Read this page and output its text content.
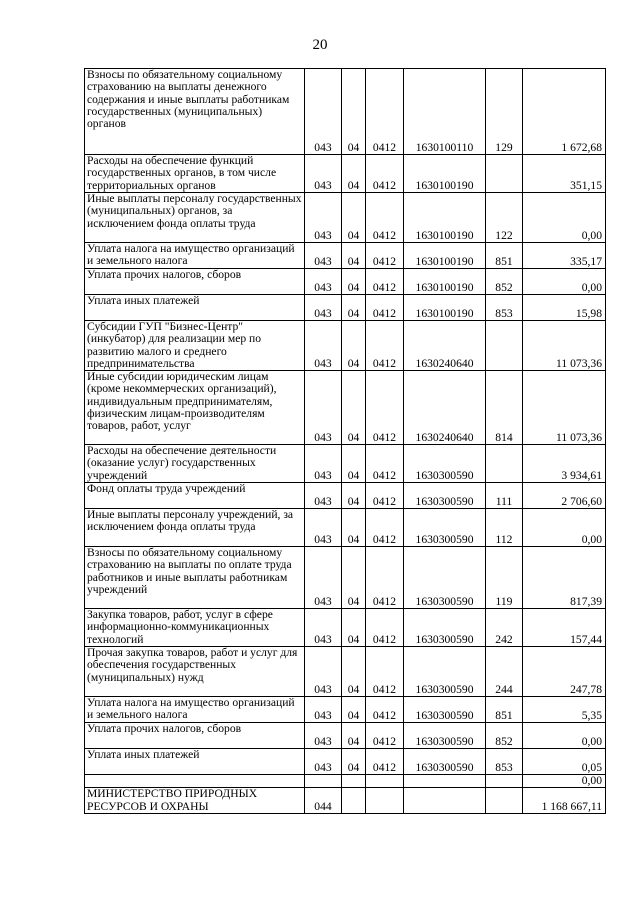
20
Взносы по обязательному социальному страхованию на выплаты денежного содержания и иные выплаты работникам государственных (муниципальных) органов	043	04	0412	1630100110	129	1 672,68
Расходы на обеспечение функций государственных органов, в том числе территориальных органов	043	04	0412	1630100190		351,15
Иные выплаты персоналу государственных (муниципальных) органов, за исключением фонда оплаты труда	043	04	0412	1630100190	122	0,00
Уплата налога на имущество организаций и земельного налога	043	04	0412	1630100190	851	335,17
Уплата прочих налогов, сборов	043	04	0412	1630100190	852	0,00
Уплата иных платежей	043	04	0412	1630100190	853	15,98
Субсидии ГУП "Бизнес-Центр" (инкубатор) для реализации мер по развитию малого и среднего предпринимательства	043	04	0412	1630240640		11 073,36
Иные субсидии юридическим лицам (кроме некоммерческих организаций), индивидуальным предпринимателям, физическим лицам-производителям товаров, работ, услуг	043	04	0412	1630240640	814	11 073,36
Расходы на обеспечение деятельности (оказание услуг) государственных учреждений	043	04	0412	1630300590		3 934,61
Фонд оплаты труда учреждений	043	04	0412	1630300590	111	2 706,60
Иные выплаты персоналу учреждений, за исключением фонда оплаты труда	043	04	0412	1630300590	112	0,00
Взносы по обязательному социальному страхованию на выплаты по оплате труда работников и иные выплаты работникам учреждений	043	04	0412	1630300590	119	817,39
Закупка товаров, работ, услуг в сфере информационно-коммуникационных технологий	043	04	0412	1630300590	242	157,44
Прочая закупка товаров, работ и услуг для обеспечения государственных (муниципальных) нужд	043	04	0412	1630300590	244	247,78
Уплата налога на имущество организаций и земельного налога	043	04	0412	1630300590	851	5,35
Уплата прочих налогов, сборов	043	04	0412	1630300590	852	0,00
Уплата иных платежей	043	04	0412	1630300590	853	0,05
						0,00
МИНИСТЕРСТВО ПРИРОДНЫХ РЕСУРСОВ И ОХРАНЫ	044					1 168 667,11
